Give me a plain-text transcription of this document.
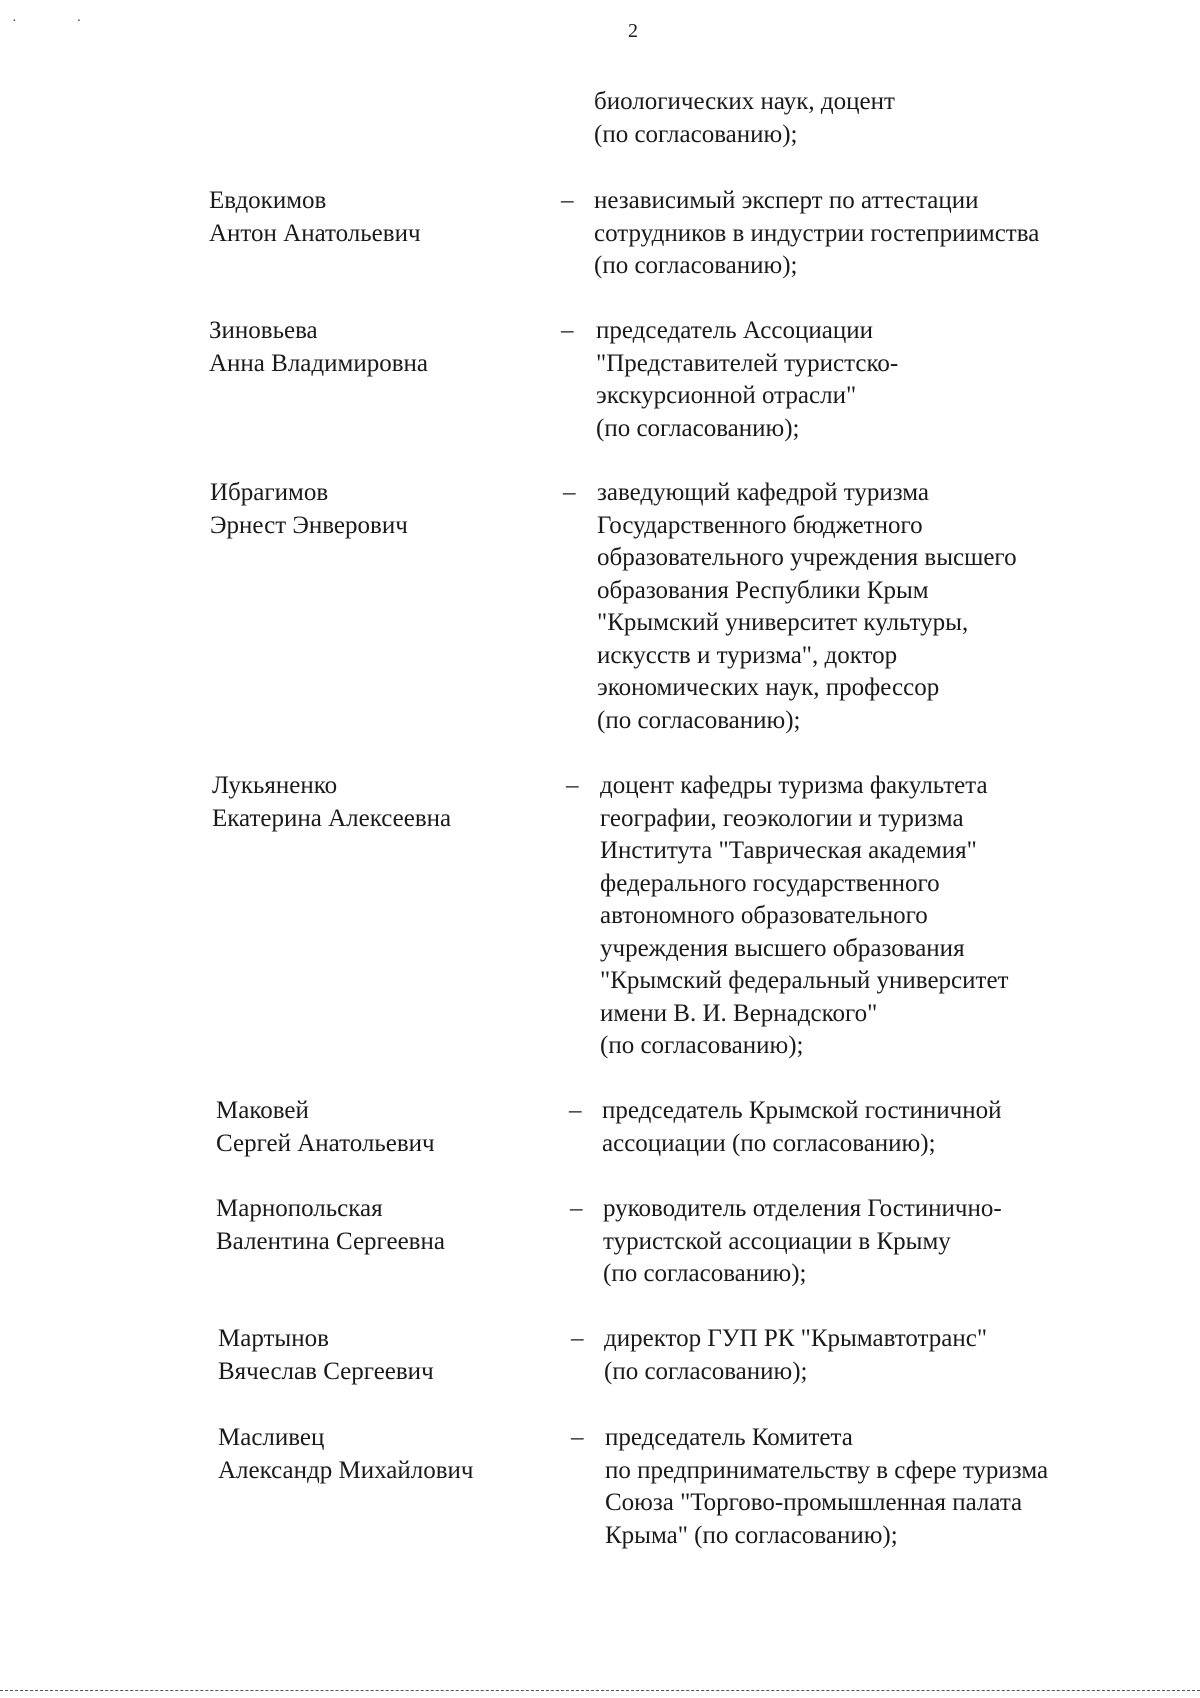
··	2
биологических наук, доцент
(по согласованию);
Евдокимов
Антон Анатольевич
– независимый эксперт по аттестации
сотрудников в индустрии гостеприимства
(по согласованию);
Зиновьева
Анна Владимировна
– председатель Ассоциации
"Представителей туристско-
экскурсионной отрасли"
(по согласованию);
Ибрагимов
Эрнест Энверович
– заведующий кафедрой туризма
Государственного бюджетного
образовательного учреждения высшего
образования Республики Крым
"Крымский университет культуры,
искусств и туризма", доктор
экономических наук, профессор
(по согласованию);
Лукьяненко
Екатерина Алексеевна
– доцент кафедры туризма факультета
географии, геоэкологии и туризма
Института "Таврическая академия"
федерального государственного
автономного образовательного
учреждения высшего образования
"Крымский федеральный университет
имени В. И. Вернадского"
(по согласованию);
Маковей
Сергей Анатольевич
– председатель Крымской гостиничной
ассоциации (по согласованию);
Марнопольская
Валентина Сергеевна
– руководитель отделения Гостинично-
туристской ассоциации в Крыму
(по согласованию);
Мартынов
Вячеслав Сергеевич
– директор ГУП РК "Крымавтотранс"
(по согласованию);
Масливец
Александр Михайлович
– председатель Комитета
по предпринимательству в сфере туризма
Союза "Торгово-промышленная палата
Крыма" (по согласованию);
